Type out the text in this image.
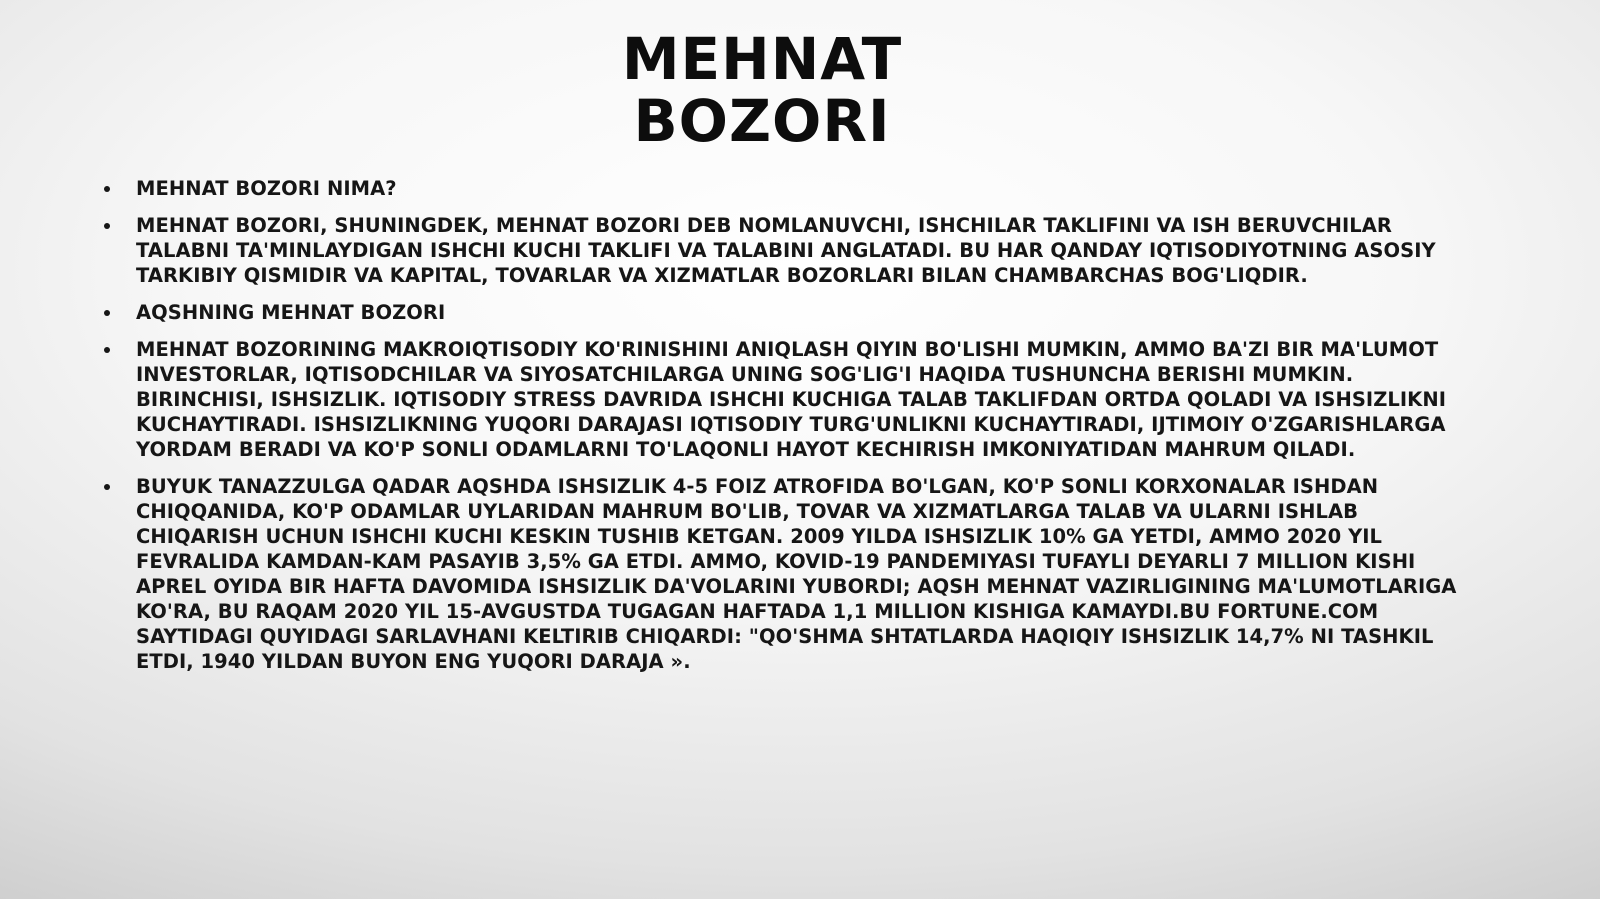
MEHNAT
BOZORI
MEHNAT BOZORI NIMA?
MEHNAT BOZORI, SHUNINGDEK, MEHNAT BOZORI DEB NOMLANUVCHI, ISHCHILAR TAKLIFINI VA ISH BERUVCHILAR TALABNI TA'MINLAYDIGAN ISHCHI KUCHI TAKLIFI VA TALABINI ANGLATADI. BU HAR QANDAY IQTISODIYOTNING ASOSIY TARKIBIY QISMIDIR VA KAPITAL, TOVARLAR VA XIZMATLAR BOZORLARI BILAN CHAMBARCHAS BOG'LIQDIR.
AQSHNING MEHNAT BOZORI
MEHNAT BOZORINING MAKROIQTISODIY KO'RINISHINI ANIQLASH QIYIN BO'LISHI MUMKIN, AMMO BA'ZI BIR MA'LUMOT INVESTORLAR, IQTISODCHILAR VA SIYOSATCHILARGA UNING SOG'LIG'I HAQIDA TUSHUNCHA BERISHI MUMKIN. BIRINCHISI, ISHSIZLIK. IQTISODIY STRESS DAVRIDA ISHCHI KUCHIGA TALAB TAKLIFDAN ORTDA QOLADI VA ISHSIZLIKNI KUCHAYTIRADI. ISHSIZLIKNING YUQORI DARAJASI IQTISODIY TURG'UNLIKNI KUCHAYTIRADI, IJTIMOIY O'ZGARISHLARGA YORDAM BERADI VA KO'P SONLI ODAMLARNI TO'LAQONLI HAYOT KECHIRISH IMKONIYATIDAN MAHRUM QILADI.
BUYUK TANAZZULGA QADAR AQSHDA ISHSIZLIK 4-5 FOIZ ATROFIDA BO'LGAN, KO'P SONLI KORXONALAR ISHDAN CHIQQANIDA, KO'P ODAMLAR UYLARIDAN MAHRUM BO'LIB, TOVAR VA XIZMATLARGA TALAB VA ULARNI ISHLAB CHIQARISH UCHUN ISHCHI KUCHI KESKIN TUSHIB KETGAN. 2009 YILDA ISHSIZLIK 10% GA YETDI, AMMO 2020 YIL FEVRALIDA KAMDAN-KAM PASAYIB 3,5% GA ETDI. AMMO, KOVID-19 PANDEMIYASI TUFAYLI DEYARLI 7 MILLION KISHI APREL OYIDA BIR HAFTA DAVOMIDA ISHSIZLIK DA'VOLARINI YUBORDI; AQSH MEHNAT VAZIRLIGINING MA'LUMOTLARIGA KO'RA, BU RAQAM 2020 YIL 15-AVGUSTDA TUGAGAN HAFTADA 1,1 MILLION KISHIGA KAMAYDI.BU FORTUNE.COM SAYTIDAGI QUYIDAGI SARLAVHANI KELTIRIB CHIQARDI: "QO'SHMA SHTATLARDA HAQIQIY ISHSIZLIK 14,7% NI TASHKIL ETDI, 1940 YILDAN BUYON ENG YUQORI DARAJA ».
